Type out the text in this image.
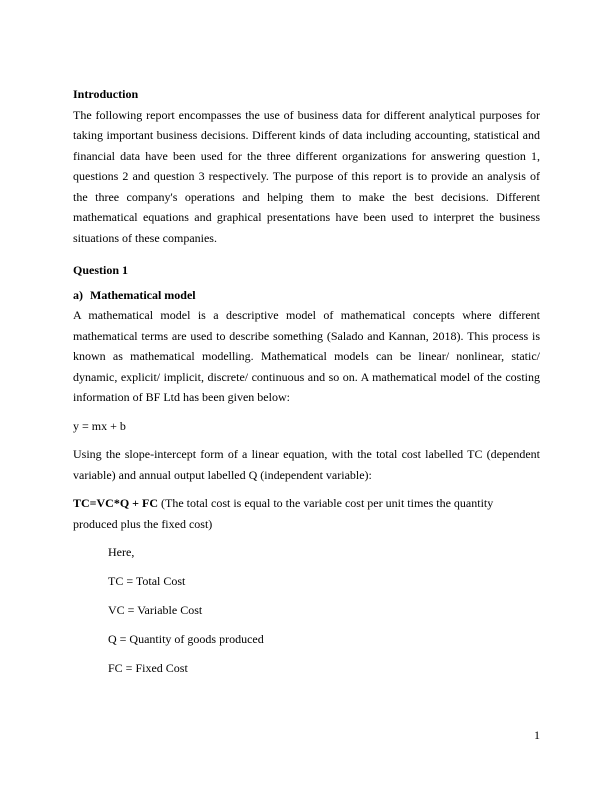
Introduction

The following report encompasses the use of business data for different analytical purposes for taking important business decisions. Different kinds of data including accounting, statistical and financial data have been used for the three different organizations for answering question 1, questions 2 and question 3 respectively. The purpose of this report is to provide an analysis of the three company's operations and helping them to make the best decisions. Different mathematical equations and graphical presentations have been used to interpret the business situations of these companies.

Question 1

a) Mathematical model

A mathematical model is a descriptive model of mathematical concepts where different mathematical terms are used to describe something (Salado and Kannan, 2018). This process is known as mathematical modelling. Mathematical models can be linear/ nonlinear, static/ dynamic, explicit/ implicit, discrete/ continuous and so on. A mathematical model of the costing information of BF Ltd has been given below:

y = mx + b

Using the slope-intercept form of a linear equation, with the total cost labelled TC (dependent variable) and annual output labelled Q (independent variable):

TC=VC*Q + FC (The total cost is equal to the variable cost per unit times the quantity produced plus the fixed cost)

Here,

TC = Total Cost

VC = Variable Cost

Q = Quantity of goods produced

FC = Fixed Cost

1
